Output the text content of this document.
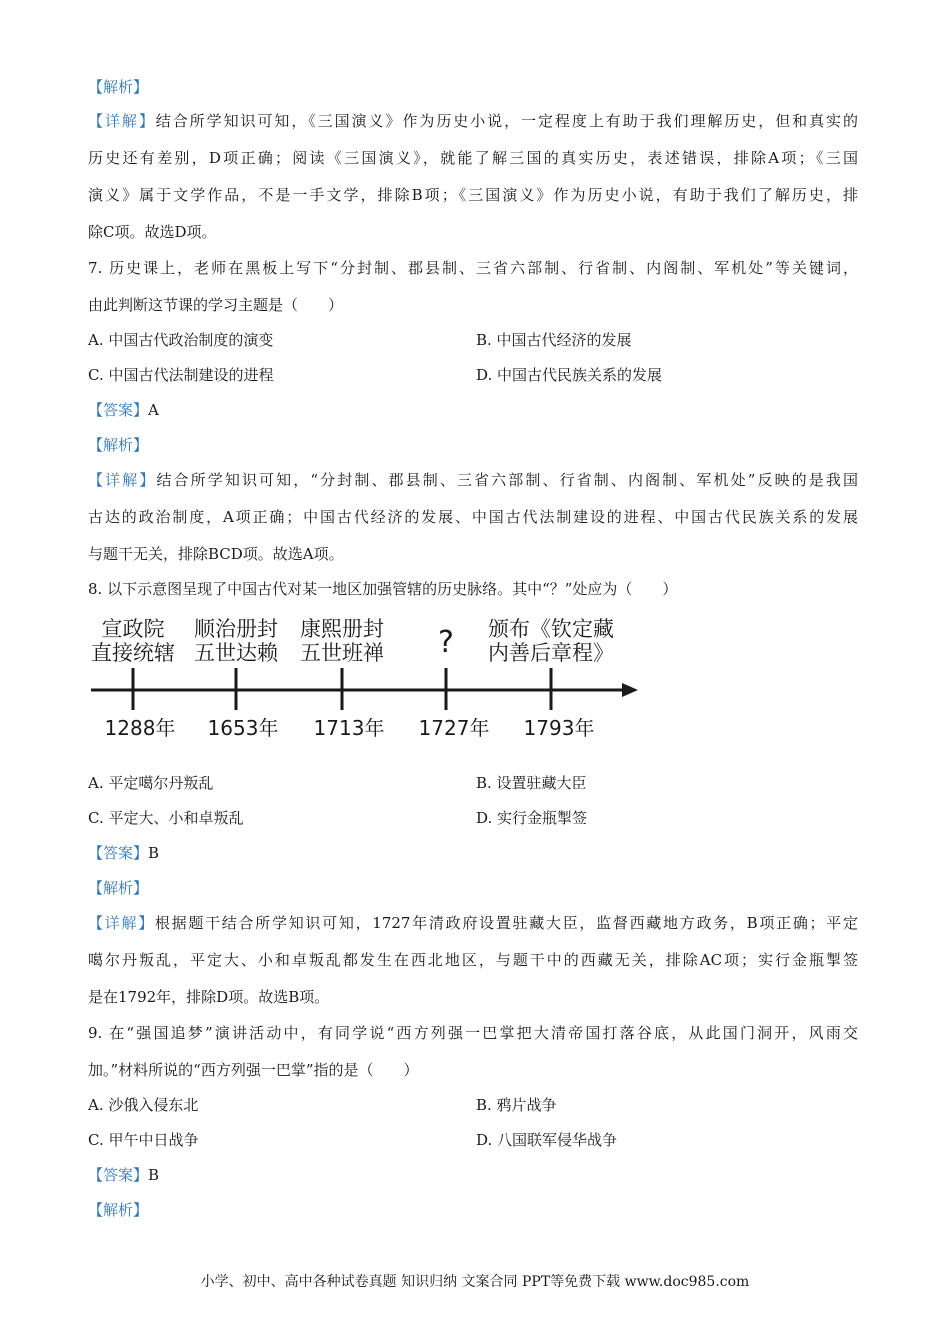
【解析】
【详解】结合所学知识可知，《三国演义》作为历史小说，一定程度上有助于我们理解历史，但和真实的
历史还有差别，D项正确；阅读《三国演义》，就能了解三国的真实历史，表述错误，排除A项；《三国
演义》属于文学作品，不是一手文学，排除B项；《三国演义》作为历史小说，有助于我们了解历史，排
除C项。故选D项。
7. 历史课上，老师在黑板上写下“分封制、郡县制、三省六部制、行省制、内阁制、军机处”等关键词，
由此判断这节课的学习主题是（　　）
A. 中国古代政治制度的演变	B. 中国古代经济的发展
C. 中国古代法制建设的进程	D. 中国古代民族关系的发展
【答案】A
【解析】
【详解】结合所学知识可知，“分封制、郡县制、三省六部制、行省制、内阁制、军机处”反映的是我国
古达的政治制度，A项正确；中国古代经济的发展、中国古代法制建设的进程、中国古代民族关系的发展
与题干无关，排除BCD项。故选A项。
8. 以下示意图呈现了中国古代对某一地区加强管辖的历史脉络。其中“？”处应为（　　）
宣政院
直接统辖
顺治册封
五世达赖
康熙册封
五世班禅 ? 颁布《钦定藏
内善后章程》
1288年 1653年 1713年 1727年 1793年
A. 平定噶尔丹叛乱	B. 设置驻藏大臣
C. 平定大、小和卓叛乱	D. 实行金瓶掣签
【答案】B
【解析】
【详解】根据题干结合所学知识可知，1727年清政府设置驻藏大臣，监督西藏地方政务，B项正确；平定
噶尔丹叛乱，平定大、小和卓叛乱都发生在西北地区，与题干中的西藏无关，排除AC项；实行金瓶掣签
是在1792年，排除D项。故选B项。
9. 在“强国追梦”演讲活动中，有同学说“西方列强一巴掌把大清帝国打落谷底，从此国门洞开，风雨交
加。”材料所说的“西方列强一巴掌”指的是（　　）
A. 沙俄入侵东北	B. 鸦片战争
C. 甲午中日战争	D. 八国联军侵华战争
【答案】B
【解析】
小学、初中、高中各种试卷真题 知识归纳 文案合同 PPT等免费下载 www.doc985.com
